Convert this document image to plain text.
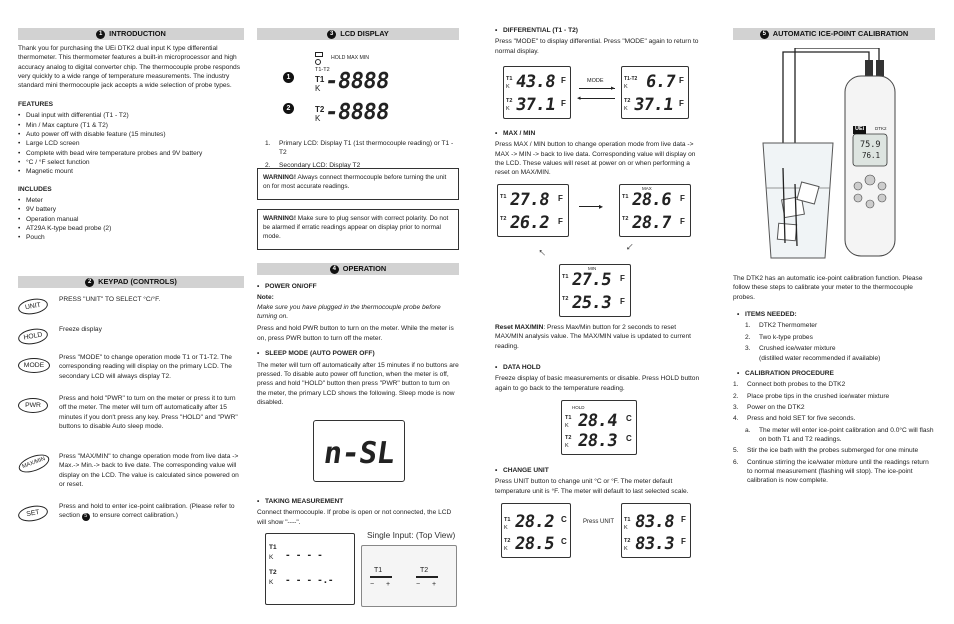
1 INTRODUCTION

Thank you for purchasing the UEi DTK2 dual input K type differential thermometer. This thermometer features a built-in microprocessor and high accuracy analog to digital converter chip. The thermocouple probe responds very quickly to a wide range of temperature measurements. The industry standard mini thermocouple jack accepts a wide selection of probe types.

FEATURES
• Dual input with differential (T1 - T2)
• Min / Max capture (T1 & T2)
• Auto power off with disable feature (15 minutes)
• Large LCD screen
• Complete with bead wire temperature probes and 9V battery
• °C / °F select function
• Magnetic mount
INCLUDES
• Meter
• 9V battery
• Operation manual
• AT29A K-type bead probe (2)
• Pouch
2 KEYPAD (CONTROLS)
UNIT
PRESS "UNIT" TO SELECT °C/°F.
HOLD
Freeze display
MODE
Press "MODE" to change operation mode T1 or T1-T2. The corresponding reading will display on the primary LCD. The secondary LCD will always display T2.
PWR
Press and hold "PWR" to turn on the meter or press it to turn off the meter. The meter will turn off automatically after 15 minutes if you don't press any key. Press "HOLD" and "PWR" buttons to disable Auto sleep mode.
MAX/MIN	Press "MAX/MIN" to change operation mode from live data -> Max.-> Min.-> back to live date. The corresponding value will display on the LCD. The value is calculated since powered on or reset.
SET
Press and hold to enter ice-point calibration. (Please refer to section 5 to ensure correct calibration.)
3 LCD DISPLAY
1
2
HOLD MAX MIN
T1-T2
T1
K -8888
T2
K -8888
1.	Primary LCD: Display T1 (1st thermocouple reading) or T1 - T2
2.	Secondary LCD: Display T2
WARNING! Always connect thermocouple before turning the unit on for most accurate readings.
WARNING! Make sure to plug sensor with correct polarity. Do not be alarmed if erratic readings appear on display prior to normal mode.
4 OPERATION
• POWER ON/OFF
Note:

Make sure you have plugged in the thermocouple probe before turning on.

Press and hold PWR button to turn on the meter. While the meter is on, press PWR button to turn off the meter.

• SLEEP MODE (AUTO POWER OFF)

The meter will turn off automatically after 15 minutes if no buttons are pressed. To disable auto power off function, when the meter is off, press and hold "HOLD" button then press "PWR" button to turn on the meter, the primary LCD shows the following. Sleep mode is now disabled.

n-SL
• TAKING MEASUREMENT

Connect thermocouple. If probe is open or not connected, the LCD will show "----".

T1
K - - - -
T2
K - - - -.-
Single Input: (Top View)
T1	T2
− +	− +
• DIFFERENTIAL (T1 - T2)

Press "MODE" to display differential. Press "MODE" again to return to normal display.

T1
K 43.8 F
T2
K 37.1 F
MODE
▸
◂
T1-T2
K 6.7 F
T2
K 37.1 F
• MAX / MIN

Press MAX / MIN button to change operation mode from live data -> MAX -> MIN -> back to live data. Corresponding value will display on the LCD. These values will reset at power on or when performing a reset on MAX/MIN.

T1 27.8 F
T2 26.2 F
▸
MAX
T1 28.6 F
T2 28.7 F
↓
↑
MIN
T1 27.5 F
T2 25.3 F
Reset MAX/MIN: Press Max/Min button for 2 seconds to reset MAX/MIN analysis value. The MAX/MIN value is updated to current reading.
• DATA HOLD

Freeze display of basic measurements or disable. Press HOLD button again to go back to the temperature reading.

HOLD
T1
K 28.4 C
T2
K 28.3 C
• CHANGE UNIT

Press UNIT button to change unit °C or °F. The meter default temperature unit is °F. The meter will default to last selected scale.

T1
K 28.2 C
T2
K 28.5 C
Press UNIT T1
K 83.8 F
T2
K 83.3 F
5 AUTOMATIC ICE-POINT CALIBRATION
UEi	DTK2
75.9
76.1

The DTK2 has an automatic ice-point calibration function. Please follow these steps to calibrate your meter to the thermocouple probes.

• ITEMS NEEDED:
1.	DTK2 Thermometer
2.	Two k-type probes
3.	Crushed ice/water mixture
(distilled water recommended if available)
• CALIBRATION PROCEDURE
1.	Connect both probes to the DTK2
2.	Place probe tips in the crushed ice/water mixture
3.	Power on the DTK2
4.	Press and hold SET for five seconds.
a.	The meter will enter ice-point calibration and 0.0°C will flash on both T1 and T2 readings.
5.	Stir the ice bath with the probes submerged for one minute
6.	Continue stirring the ice/water mixture until the readings return to normal measurement (flashing will stop). The ice-point calibration is now complete.
